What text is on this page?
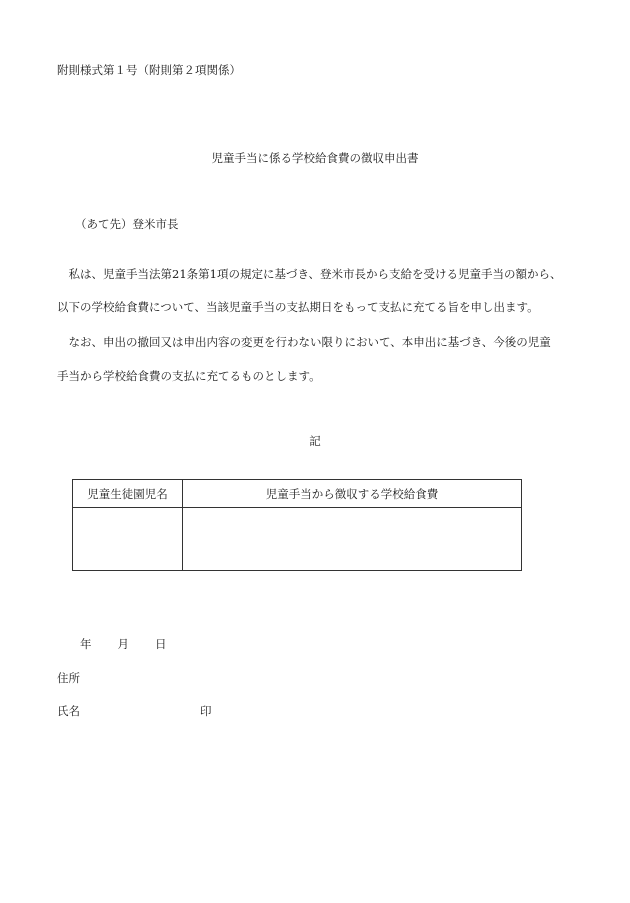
附則様式第１号（附則第２項関係）
児童手当に係る学校給食費の徴収申出書
（あて先）登米市長
　私は、児童手当法第21条第1項の規定に基づき、登米市長から支給を受ける児童手当の額から、
以下の学校給食費について、当該児童手当の支払期日をもって支払に充てる旨を申し出ます。
　なお、申出の撤回又は申出内容の変更を行わない限りにおいて、本申出に基づき、今後の児童
手当から学校給食費の支払に充てるものとします。
記
児童生徒園児名	児童手当から徴収する学校給食費

年 月 日
住所
氏名	印
